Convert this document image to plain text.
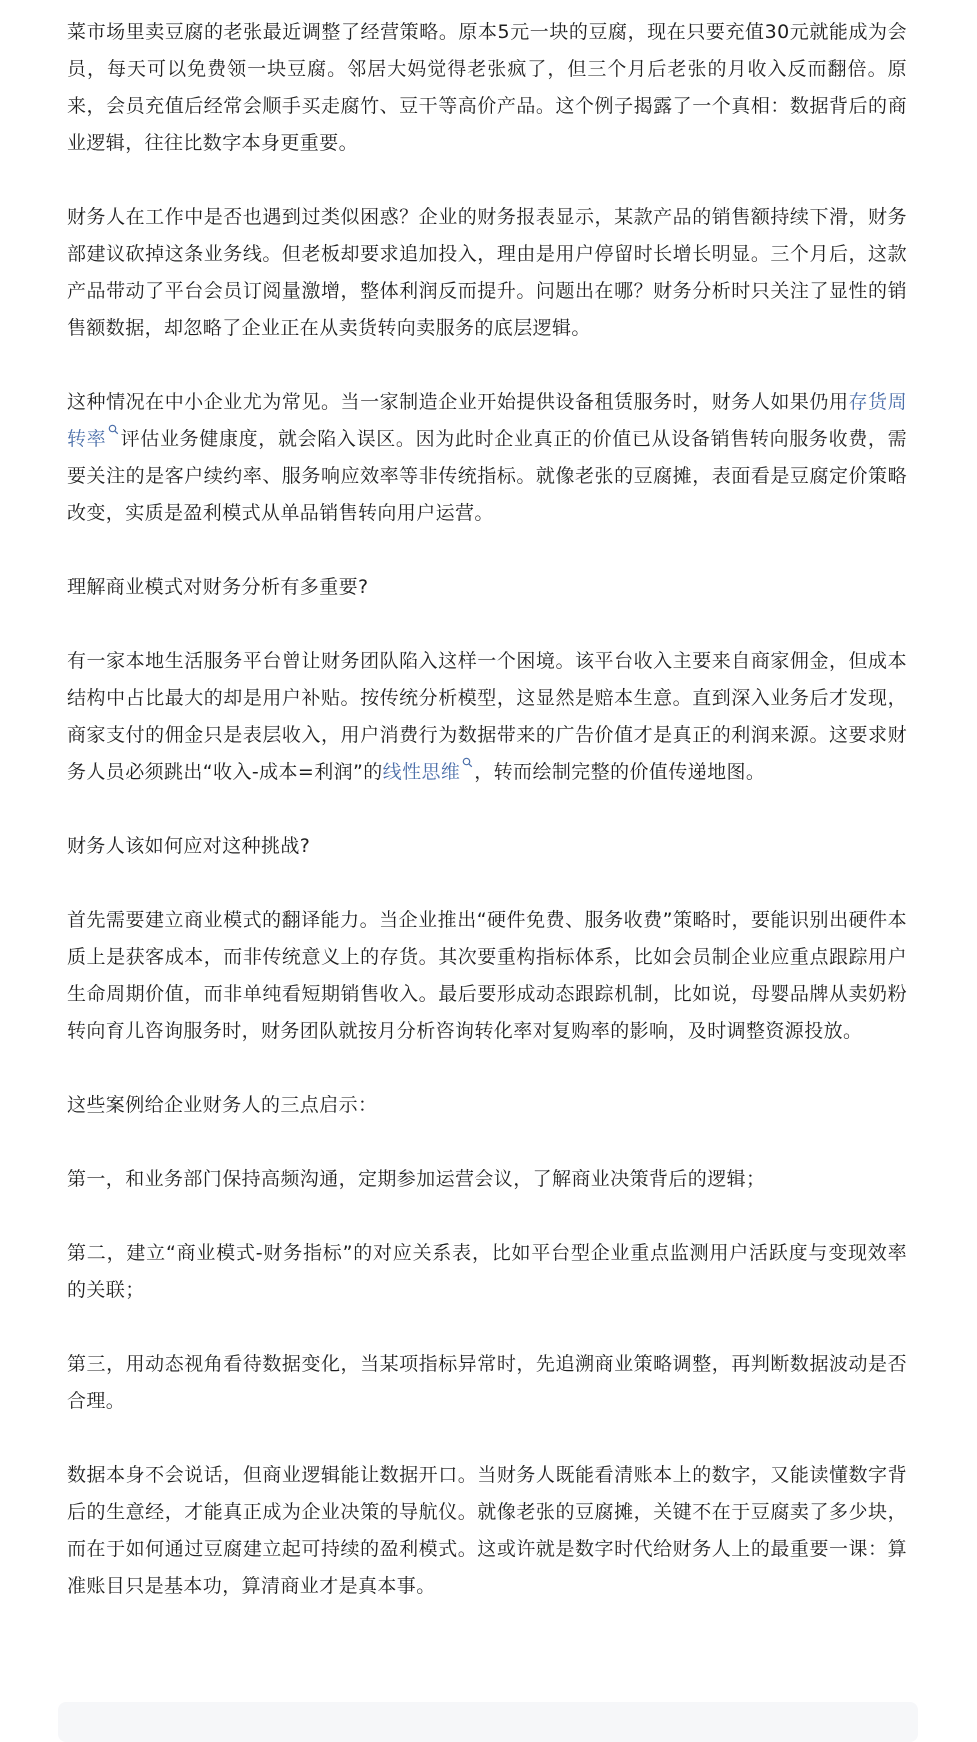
菜市场里卖豆腐的老张最近调整了经营策略。原本5元一块的豆腐，现在只要充值30元就能成为会员，每天可以免费领一块豆腐。邻居大妈觉得老张疯了，但三个月后老张的月收入反而翻倍。原来，会员充值后经常会顺手买走腐竹、豆干等高价产品。这个例子揭露了一个真相：数据背后的商业逻辑，往往比数字本身更重要。

财务人在工作中是否也遇到过类似困惑？企业的财务报表显示，某款产品的销售额持续下滑，财务部建议砍掉这条业务线。但老板却要求追加投入，理由是用户停留时长增长明显。三个月后，这款产品带动了平台会员订阅量激增，整体利润反而提升。问题出在哪？财务分析时只关注了显性的销售额数据，却忽略了企业正在从卖货转向卖服务的底层逻辑。

这种情况在中小企业尤为常见。当一家制造企业开始提供设备租赁服务时，财务人如果仍用存货周转率 评估业务健康度，就会陷入误区。因为此时企业真正的价值已从设备销售转向服务收费，需要关注的是客户续约率、服务响应效率等非传统指标。就像老张的豆腐摊，表面看是豆腐定价策略改变，实质是盈利模式从单品销售转向用户运营。

理解商业模式对财务分析有多重要?

有一家本地生活服务平台曾让财务团队陷入这样一个困境。该平台收入主要来自商家佣金，但成本结构中占比最大的却是用户补贴。按传统分析模型，这显然是赔本生意。直到深入业务后才发现，商家支付的佣金只是表层收入，用户消费行为数据带来的广告价值才是真正的利润来源。这要求财务人员必须跳出“收入-成本=利润”的线性思维 ，转而绘制完整的价值传递地图。

财务人该如何应对这种挑战?

首先需要建立商业模式的翻译能力。当企业推出“硬件免费、服务收费”策略时，要能识别出硬件本质上是获客成本，而非传统意义上的存货。其次要重构指标体系，比如会员制企业应重点跟踪用户生命周期价值，而非单纯看短期销售收入。最后要形成动态跟踪机制，比如说，母婴品牌从卖奶粉转向育儿咨询服务时，财务团队就按月分析咨询转化率对复购率的影响，及时调整资源投放。

这些案例给企业财务人的三点启示：

第一，和业务部门保持高频沟通，定期参加运营会议，了解商业决策背后的逻辑；

第二，建立“商业模式-财务指标”的对应关系表，比如平台型企业重点监测用户活跃度与变现效率的关联；

第三，用动态视角看待数据变化，当某项指标异常时，先追溯商业策略调整，再判断数据波动是否合理。

数据本身不会说话，但商业逻辑能让数据开口。当财务人既能看清账本上的数字，又能读懂数字背后的生意经，才能真正成为企业决策的导航仪。就像老张的豆腐摊，关键不在于豆腐卖了多少块，而在于如何通过豆腐建立起可持续的盈利模式。这或许就是数字时代给财务人上的最重要一课：算准账目只是基本功，算清商业才是真本事。
